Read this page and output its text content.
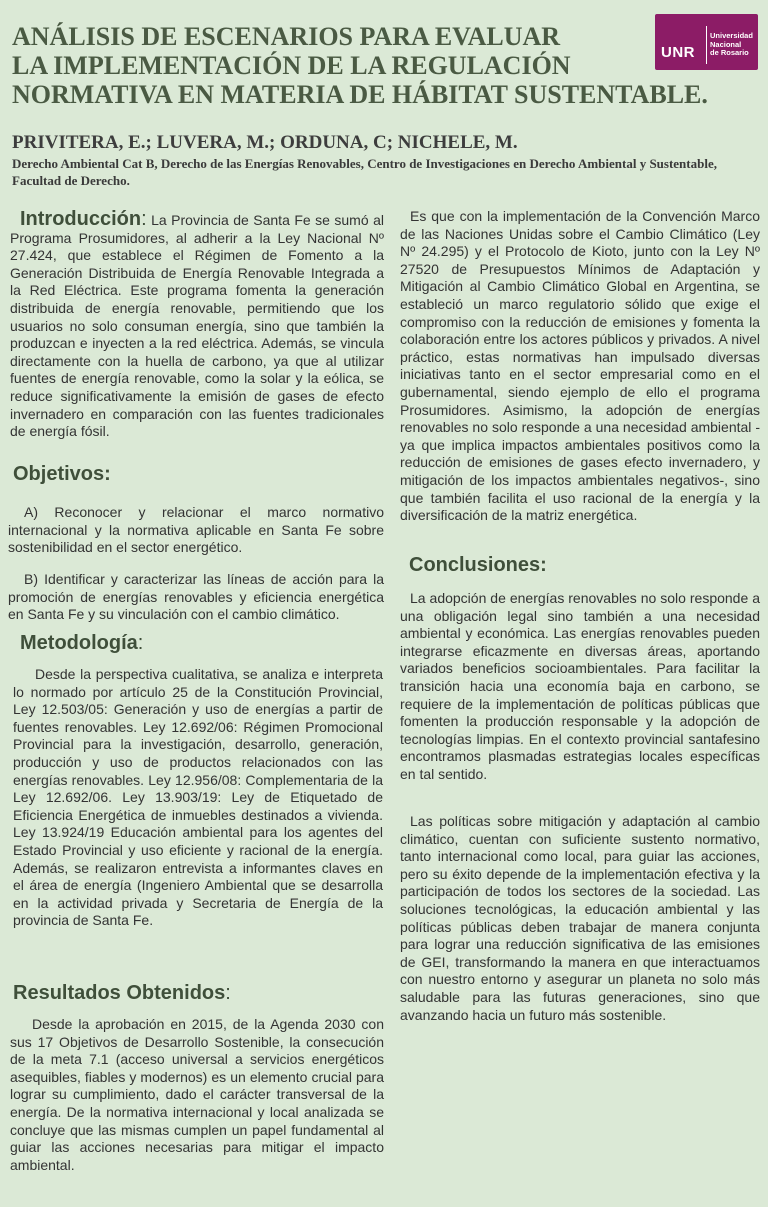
ANÁLISIS DE ESCENARIOS PARA EVALUAR
LA IMPLEMENTACIÓN DE LA REGULACIÓN
NORMATIVA EN MATERIA DE HÁBITAT SUSTENTABLE.
UNR
Universidad
Nacional
de Rosario

PRIVITERA, E.; LUVERA, M.; ORDUNA, C; NICHELE, M.

Derecho Ambiental Cat B, Derecho de las Energías Renovables, Centro de Investigaciones en Derecho Ambiental y Sustentable, Facultad de Derecho.

Introducción: La Provincia de Santa Fe se sumó al Programa Prosumidores, al adherir a la Ley Nacional Nº 27.424, que establece el Régimen de Fomento a la Generación Distribuida de Energía Renovable Integrada a la Red Eléctrica. Este programa fomenta la generación distribuida de energía renovable, permitiendo que los usuarios no solo consuman energía, sino que también la produzcan e inyecten a la red eléctrica. Además, se vincula directamente con la huella de carbono, ya que al utilizar fuentes de energía renovable, como la solar y la eólica, se reduce significativamente la emisión de gases de efecto invernadero en comparación con las fuentes tradicionales de energía fósil.

Objetivos:

A) Reconocer y relacionar el marco normativo internacional y la normativa aplicable en Santa Fe sobre sostenibilidad en el sector energético.

B) Identificar y caracterizar las líneas de acción para la promoción de energías renovables y eficiencia energética en Santa Fe y su vinculación con el cambio climático.

Metodología:

Desde la perspectiva cualitativa, se analiza e interpreta lo normado por artículo 25 de la Constitución Provincial, Ley 12.503/05: Generación y uso de energías a partir de fuentes renovables. Ley 12.692/06: Régimen Promocional Provincial para la investigación, desarrollo, generación, producción y uso de productos relacionados con las energías renovables. Ley 12.956/08: Complementaria de la Ley 12.692/06. Ley 13.903/19: Ley de Etiquetado de Eficiencia Energética de inmuebles destinados a vivienda. Ley 13.924/19 Educación ambiental para los agentes del Estado Provincial y uso eficiente y racional de la energía. Además, se realizaron entrevista a informantes claves en el área de energía (Ingeniero Ambiental que se desarrolla en la actividad privada y Secretaria de Energía de la provincia de Santa Fe.

Resultados Obtenidos:

Desde la aprobación en 2015, de la Agenda 2030 con sus 17 Objetivos de Desarrollo Sostenible, la consecución de la meta 7.1 (acceso universal a servicios energéticos asequibles, fiables y modernos) es un elemento crucial para lograr su cumplimiento, dado el carácter transversal de la energía. De la normativa internacional y local analizada se concluye que las mismas cumplen un papel fundamental al guiar las acciones necesarias para mitigar el impacto ambiental.

Es que con la implementación de la Convención Marco de las Naciones Unidas sobre el Cambio Climático (Ley Nº 24.295) y el Protocolo de Kioto, junto con la Ley Nº 27520 de Presupuestos Mínimos de Adaptación y Mitigación al Cambio Climático Global en Argentina, se estableció un marco regulatorio sólido que exige el compromiso con la reducción de emisiones y fomenta la colaboración entre los actores públicos y privados. A nivel práctico, estas normativas han impulsado diversas iniciativas tanto en el sector empresarial como en el gubernamental, siendo ejemplo de ello el programa Prosumidores. Asimismo, la adopción de energías renovables no solo responde a una necesidad ambiental -ya que implica impactos ambientales positivos como la reducción de emisiones de gases efecto invernadero, y mitigación de los impactos ambientales negativos-, sino que también facilita el uso racional de la energía y la diversificación de la matriz energética.

Conclusiones:

La adopción de energías renovables no solo responde a una obligación legal sino también a una necesidad ambiental y económica. Las energías renovables pueden integrarse eficazmente en diversas áreas, aportando variados beneficios socioambientales. Para facilitar la transición hacia una economía baja en carbono, se requiere de la implementación de políticas públicas que fomenten la producción responsable y la adopción de tecnologías limpias. En el contexto provincial santafesino encontramos plasmadas estrategias locales específicas en tal sentido.

Las políticas sobre mitigación y adaptación al cambio climático, cuentan con suficiente sustento normativo, tanto internacional como local, para guiar las acciones, pero su éxito depende de la implementación efectiva y la participación de todos los sectores de la sociedad. Las soluciones tecnológicas, la educación ambiental y las políticas públicas deben trabajar de manera conjunta para lograr una reducción significativa de las emisiones de GEI, transformando la manera en que interactuamos con nuestro entorno y asegurar un planeta no solo más saludable para las futuras generaciones, sino que avanzando hacia un futuro más sostenible.
